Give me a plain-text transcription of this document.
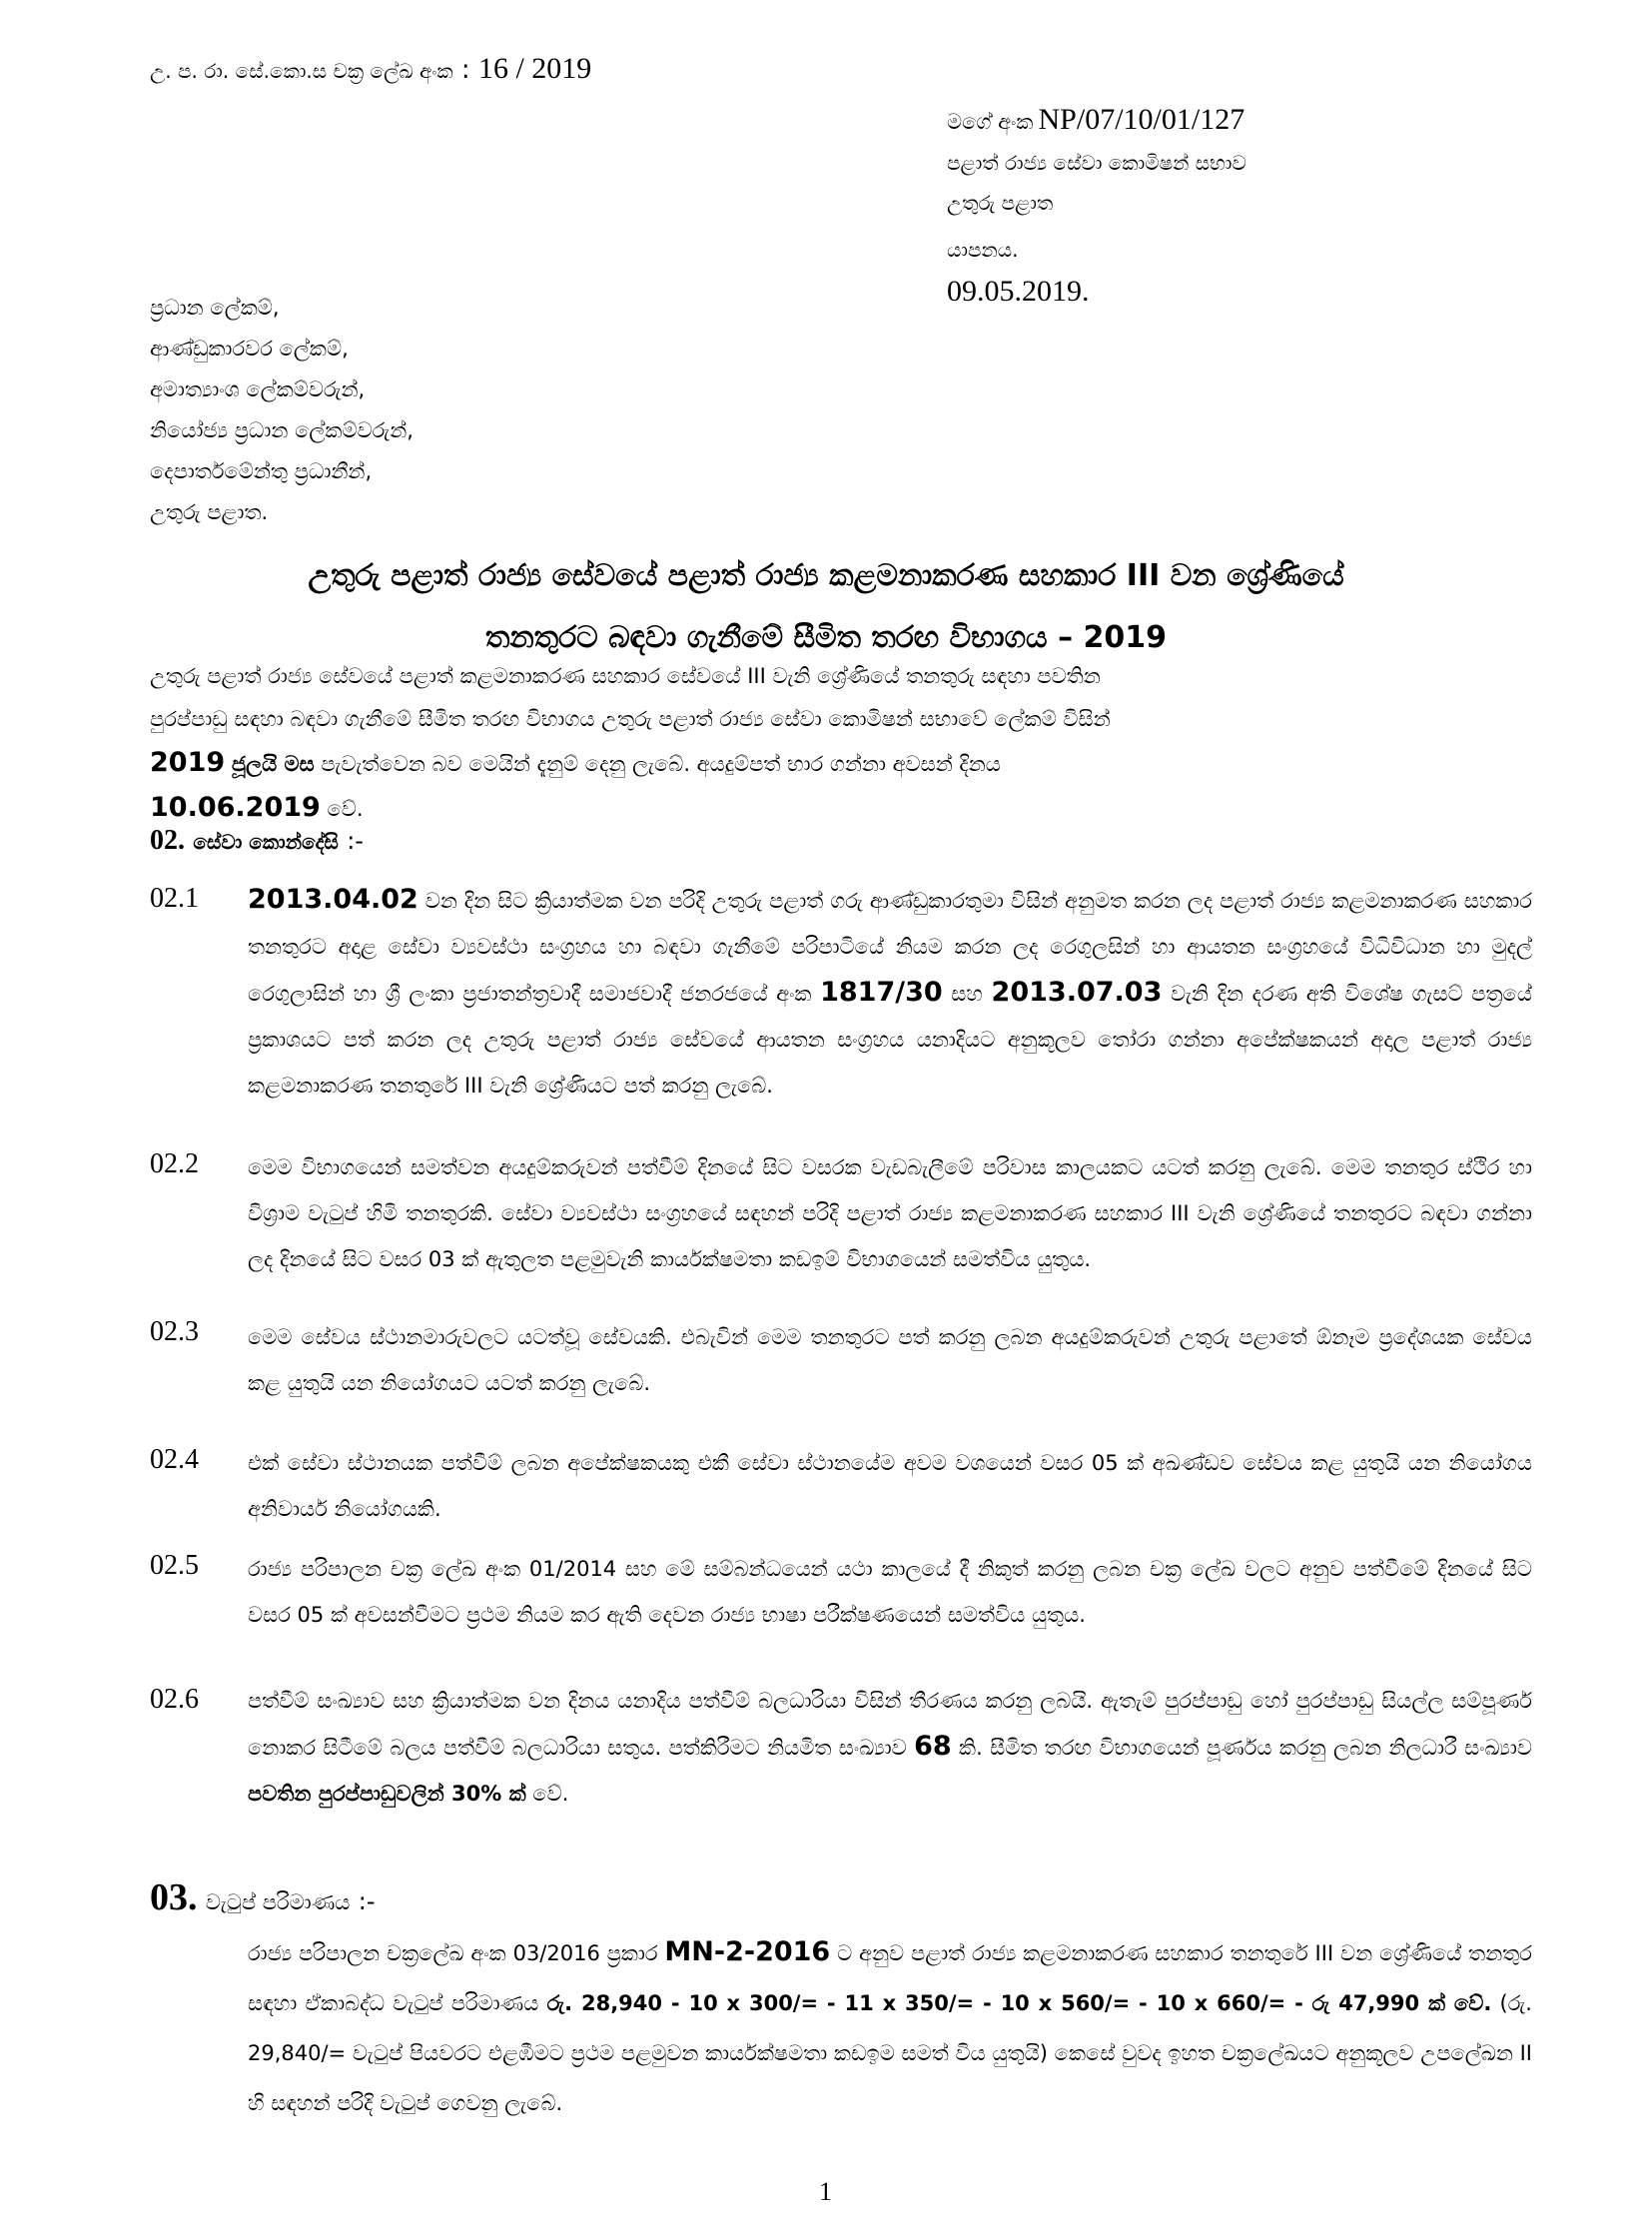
උ. ප. රා. සේ.කො.ස චක්‍ර ලේඛ අංක : 16 / 2019
මගේ අංක NP/07/10/01/127
පළාත් රාජ්‍ය සේවා කොමිෂන් සභාව
උතුරු පළාත
යාපනය.
09.05.2019.
ප්‍රධාන ලේකම්,
ආණ්ඩුකාරවර ලේකම්,
අමාත්‍යාංශ ලේකම්වරුන්,
නියෝජ්‍ය ප්‍රධාන ලේකම්වරුන්,
දෙපාර්තමේන්තු ප්‍රධානීන්,
උතුරු පළාත.
උතුරු පළාත් රාජ්‍ය සේවයේ පළාත් රාජ්‍ය කළමනාකරණ සහකාර III වන ශ්‍රේණියේ
තනතුරට බඳවා ගැනීමේ සීමිත තරඟ විභාගය – 2019
උතුරු පළාත් රාජ්‍ය සේවයේ පළාත් කළමනාකරණ සහකාර සේවයේ III වැනි ශ්‍රේණියේ තනතුරු සඳහා පවතින
පුරප්පාඩු සඳහා බඳවා ගැනීමේ සීමිත තරඟ විභාගය උතුරු පළාත් රාජ්‍ය සේවා කොමිෂන් සභාවේ ලේකම් විසින්
2019 ජූලයි මස පැවැත්වෙන බව මෙයින් දැනුම් දෙනු ලැබේ. අයදුම්පත් භාර ගන්නා අවසන් දිනය
10.06.2019 වේ.
02. සේවා කොන්දේසි :-
02.1 2013.04.02 වන දින සිට ක්‍රියාත්මක වන පරිදි උතුරු පළාත් ගරු ආණ්ඩුකාරතුමා විසින් අනුමත කරන ලද පළාත් රාජ්‍ය කළමනාකරණ සහකාර තනතුරට අදාළ සේවා ව්‍යවස්ථා සංග්‍රහය හා බඳවා ගැනීමේ පරිපාටියේ නියම කරන ලද රෙගුලසින් හා ආයතන සංග්‍රහයේ විධිවිධාන හා මුදල් රෙගුලාසින් හා ශ්‍රී ලංකා ප්‍රජාතන්ත්‍රවාදී සමාජවාදී ජනරජයේ අංක 1817/30 සහ 2013.07.03 වැනි දින දරණ අති විශේෂ ගැසට් පත්‍රයේ ප්‍රකාශයට පත් කරන ලද උතුරු පළාත් රාජ්‍ය සේවයේ ආයතන සංග්‍රහය යනාදියට අනුකූලව තෝරා ගන්නා අපේක්ෂකයන් අදාල පළාත් රාජ්‍ය කළමනාකරණ තනතුරේ III වැනි ශ්‍රේණියට පත් කරනු ලැබේ.
02.2 මෙම විභාගයෙන් සමත්වන අයදුම්කරුවන් පත්වීම් දිනයේ සිට වසරක වැඩබැලීමේ පරිවාස කාලයකට යටත් කරනු ලැබේ. මෙම තනතුර ස්ථිර හා විශ්‍රාම වැටුප් හිමි තනතුරකි. සේවා ව්‍යවස්ථා සංග්‍රහයේ සඳහන් පරිදි පළාත් රාජ්‍ය කළමනාකරණ සහකාර III වැනි ශ්‍රේණියේ තනතුරට බඳවා ගන්නා ලද දිනයේ සිට වසර 03 ක් ඇතුලත පළමුවැනි කාර්යක්ෂමතා කඩඉම් විභාගයෙන් සමත්විය යුතුය.
02.3 මෙම සේවය ස්ථානමාරුවලට යටත්වූ සේවයකි. එබැවින් මෙම තනතුරට පත් කරනු ලබන අයදුම්කරුවන් උතුරු පළාතේ ඕනෑම ප්‍රදේශයක සේවය කළ යුතුයි යන නියෝගයට යටත් කරනු ලැබේ.
02.4 එක් සේවා ස්ථානයක පත්වීම් ලබන අපේක්ෂකයකු එකී සේවා ස්ථානයේම අවම වශයෙන් වසර 05 ක් අඛණ්ඩව සේවය කළ යුතුයි යන නියෝගය අනිවාර්ය නියෝගයකි.
02.5 රාජ්‍ය පරිපාලන චක්‍ර ලේඛ අංක 01/2014 සහ මේ සම්බන්ධයෙන් යථා කාලයේ දී නිකුත් කරනු ලබන චක්‍ර ලේඛ වලට අනුව පත්වීමේ දිනයේ සිට වසර 05 ක් අවසන්වීමට ප්‍රථම නියම කර ඇති දෙවන රාජ්‍ය භාෂා පරීක්ෂණයෙන් සමත්විය යුතුය.
02.6 පත්වීම් සංඛ්‍යාව සහ ක්‍රියාත්මක වන දිනය යනාදිය පත්වීම් බලධාරියා විසින් තීරණය කරනු ලබයි. ඇතැම් පුරප්පාඩු හෝ පුරප්පාඩු සියල්ල සම්පූර්ණ නොකර සිටීමේ බලය පත්වීම් බලධාරියා සතුය. පත්කිරීමට නියමිත සංඛ්‍යාව 68 කි. සීමිත තරඟ විභාගයෙන් පූර්ණය කරනු ලබන නිලධාරී සංඛ්‍යාව පවතින පුරප්පාඩුවලින් 30% ක් වේ.
03. වැටුප් පරිමාණය :-
රාජ්‍ය පරිපාලන චක්‍රලේඛ අංක 03/2016 ප්‍රකාර MN-2-2016 ට අනුව පළාත් රාජ්‍ය කළමනාකරණ සහකාර තනතුරේ III වන ශ්‍රේණියේ තනතුර සඳහා ඒකාබද්ධ වැටුප් පරිමාණය රු. 28,940 - 10 x 300/= - 11 x 350/= - 10 x 560/= - 10 x 660/= - රු 47,990 ක් වේ. (රු. 29,840/= වැටුප් පියවරට එළඹීමට ප්‍රථම පළමුවන කාර්යක්ෂමතා කඩඉම සමත් විය යුතුයි) කෙසේ වුවද ඉහත චක්‍රලේඛයට අනුකූලව උපලේඛන II හි සඳහන් පරිදි වැටුප් ගෙවනු ලැබේ.
1
